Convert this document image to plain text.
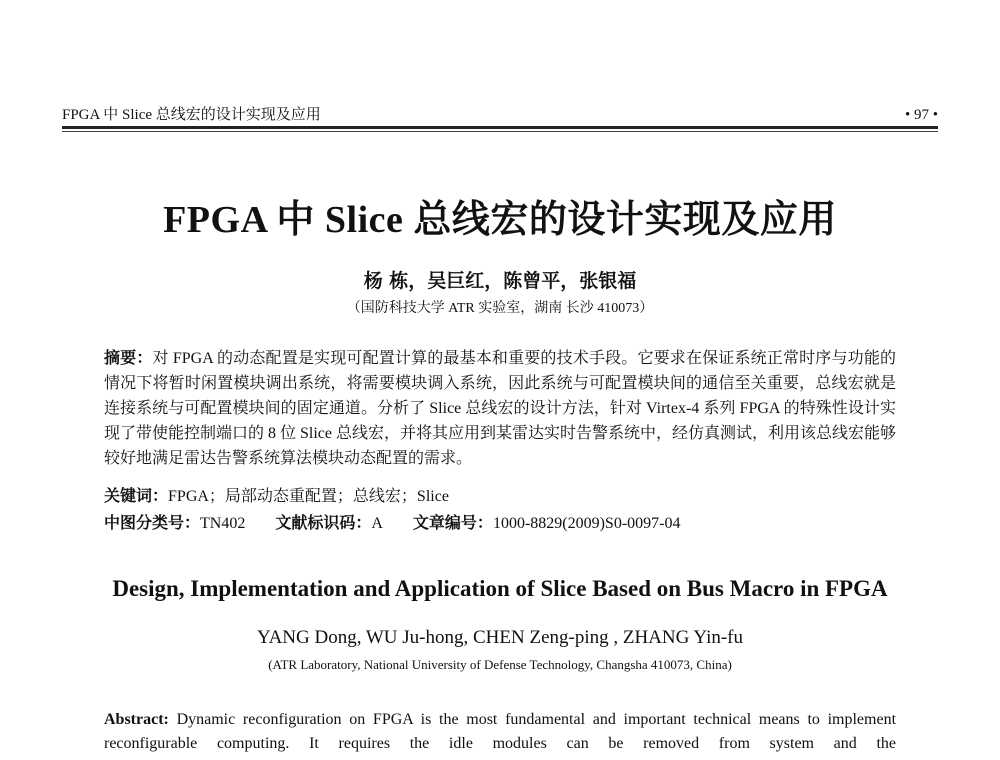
FPGA 中 Slice 总线宏的设计实现及应用	• 97 •
FPGA 中 Slice 总线宏的设计实现及应用
杨 栋，吴巨红，陈曾平，张银福
（国防科技大学 ATR 实验室，湖南 长沙 410073）
摘要：对 FPGA 的动态配置是实现可配置计算的最基本和重要的技术手段。它要求在保证系统正常时序与功能的情况下将暂时闲置模块调出系统，将需要模块调入系统，因此系统与可配置模块间的通信至关重要，总线宏就是连接系统与可配置模块间的固定通道。分析了 Slice 总线宏的设计方法，针对 Virtex-4 系列 FPGA 的特殊性设计实现了带使能控制端口的 8 位 Slice 总线宏，并将其应用到某雷达实时告警系统中，经仿真测试，利用该总线宏能够较好地满足雷达告警系统算法模块动态配置的需求。
关键词：FPGA；局部动态重配置；总线宏；Slice
中图分类号：TN402 文献标识码：A 文章编号：1000-8829(2009)S0-0097-04
Design, Implementation and Application of Slice Based on Bus Macro in FPGA
YANG Dong, WU Ju-hong, CHEN Zeng-ping , ZHANG Yin-fu
(ATR Laboratory, National University of Defense Technology, Changsha 410073, China)
Abstract: Dynamic reconfiguration on FPGA is the most fundamental and important technical means to implement reconfigurable computing. It requires the idle modules can be removed from system and the
